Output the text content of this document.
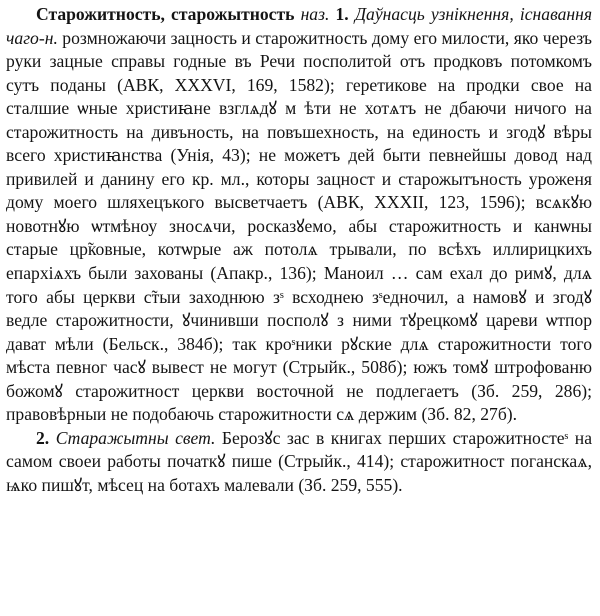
Старожитность, старожытность наз. 1. Даўнасць узнікнення, існавання чаго-н. розмножаючи зацность и старожитность дому его милости, яко черезъ руки зацные справы годные въ Речи посполитой отъ продковъ потомкомъ сутъ поданы (АВК, XXXVI, 169, 1582); геретикове на продки свое на сталшие ѡные христиꙗне взглѧдꙋ м ѣти не хотѧтъ не дбаючи ничого на старожитность на дивъность, на повъшехность, на единость и згодꙋ вѣры всего христиꙗнства (Унія, 43); не можетъ дей быти певнейшы довод над привилей и данину его кр. мл., которы зацност и старожытъность уроженя дому моего шляхецъкого высветчаетъ (АВК, XXXII, 123, 1596); всѧкꙋю новотнꙋю ѡтмѣноу зносѧчи, росказꙋемо, абы старожитность и канѡны старые цр̃ковные, котѡрые аж потолѧ трывали, по всѣхъ иллирицкихъ епархiѧхъ были захованы (Апакр., 136); Маноил … сам ехал до римꙋ, длѧ того абы церкви с̃тыи заходнюю зˢ всходнею зˢедночил, а намовꙋ и згодꙋ ведле старожитности, ꙋчинивши посполꙋ з ними тꙋрецкомꙋ цареви ѡтпор дават мѣли (Бельск., 384б); так кроˢники рꙋские длѧ старожитности того мѣста певног часꙋ вывест не могут (Стрыйк., 508б); южъ томꙋ штрофованю божомꙋ старожитност церкви восточной не подлегаетъ (Зб. 259, 286); правовѣрныи не подобаючь старожитности сѧ держим (Зб. 82, 27б).

2. Старажытны свет. Берозꙋс зас в книгах перших старожитностеˢ на самом своеи работы початкꙋ пише (Стрыйк., 414); старожитност поганскаѧ, ѩко пишꙋт, мѣсец на ботахъ малевали (Зб. 259, 555).
